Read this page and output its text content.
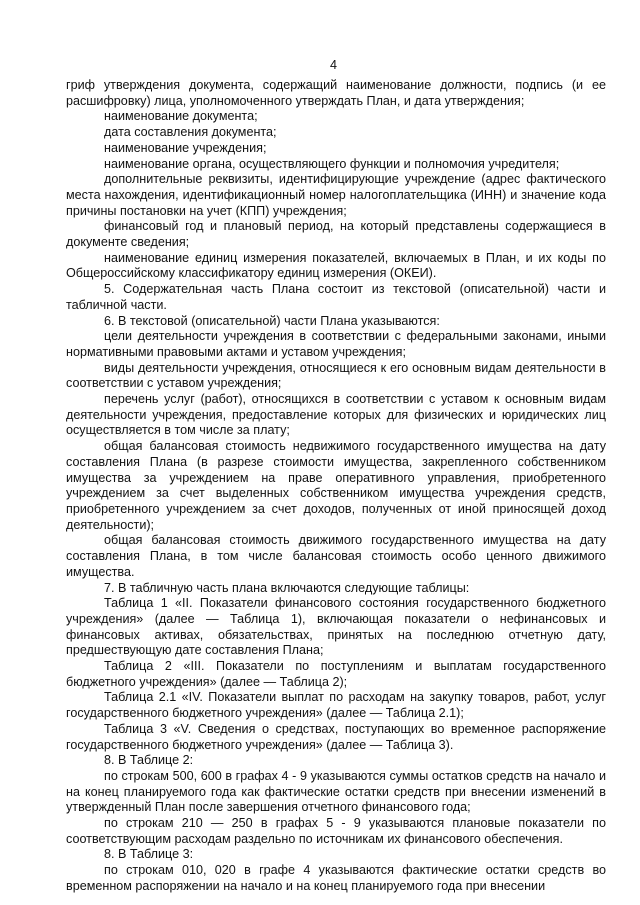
4

гриф утверждения документа, содержащий наименование должности, подпись (и ее расшифровку) лица, уполномоченного утверждать План, и дата утверждения;

наименование документа;

дата составления документа;

наименование учреждения;

наименование органа, осуществляющего функции и полномочия учредителя;

дополнительные реквизиты, идентифицирующие учреждение (адрес фактического места нахождения, идентификационный номер налогоплательщика (ИНН) и значение кода причины постановки на учет (КПП) учреждения;

финансовый год и плановый период, на который представлены содержащиеся в документе сведения;

наименование единиц измерения показателей, включаемых в План, и их коды по Общероссийскому классификатору единиц измерения (ОКЕИ).

5. Содержательная часть Плана состоит из текстовой (описательной) части и табличной части.

6. В текстовой (описательной) части Плана указываются:

цели деятельности учреждения в соответствии с федеральными законами, иными нормативными правовыми актами и уставом учреждения;

виды деятельности учреждения, относящиеся к его основным видам деятельности в соответствии с уставом учреждения;

перечень услуг (работ), относящихся в соответствии с уставом к основным видам деятельности учреждения, предоставление которых для физических и юридических лиц осуществляется в том числе за плату;

общая балансовая стоимость недвижимого государственного имущества на дату составления Плана (в разрезе стоимости имущества, закрепленного собственником имущества за учреждением на праве оперативного управления, приобретенного учреждением за счет выделенных собственником имущества учреждения средств, приобретенного учреждением за счет доходов, полученных от иной приносящей доход деятельности);

общая балансовая стоимость движимого государственного имущества на дату составления Плана, в том числе балансовая стоимость особо ценного движимого имущества.

7. В табличную часть плана включаются следующие таблицы:

Таблица 1 «II. Показатели финансового состояния государственного бюджетного учреждения» (далее — Таблица 1), включающая показатели о нефинансовых и финансовых активах, обязательствах, принятых на последнюю отчетную дату, предшествующую дате составления Плана;

Таблица 2 «III. Показатели по поступлениям и выплатам государственного бюджетного учреждения» (далее — Таблица 2);

Таблица 2.1 «IV. Показатели выплат по расходам на закупку товаров, работ, услуг государственного бюджетного учреждения» (далее — Таблица 2.1);

Таблица 3 «V. Сведения о средствах, поступающих во временное распоряжение государственного бюджетного учреждения» (далее — Таблица 3).

8. В Таблице 2:

по строкам 500, 600 в графах 4 - 9 указываются суммы остатков средств на начало и на конец планируемого года как фактические остатки средств при внесении изменений в утвержденный План после завершения отчетного финансового года;

по строкам 210 — 250 в графах 5 - 9 указываются плановые показатели по соответствующим расходам раздельно по источникам их финансового обеспечения.

8. В Таблице 3:

по строкам 010, 020 в графе 4 указываются фактические остатки средств во временном распоряжении на начало и на конец планируемого года при внесении
